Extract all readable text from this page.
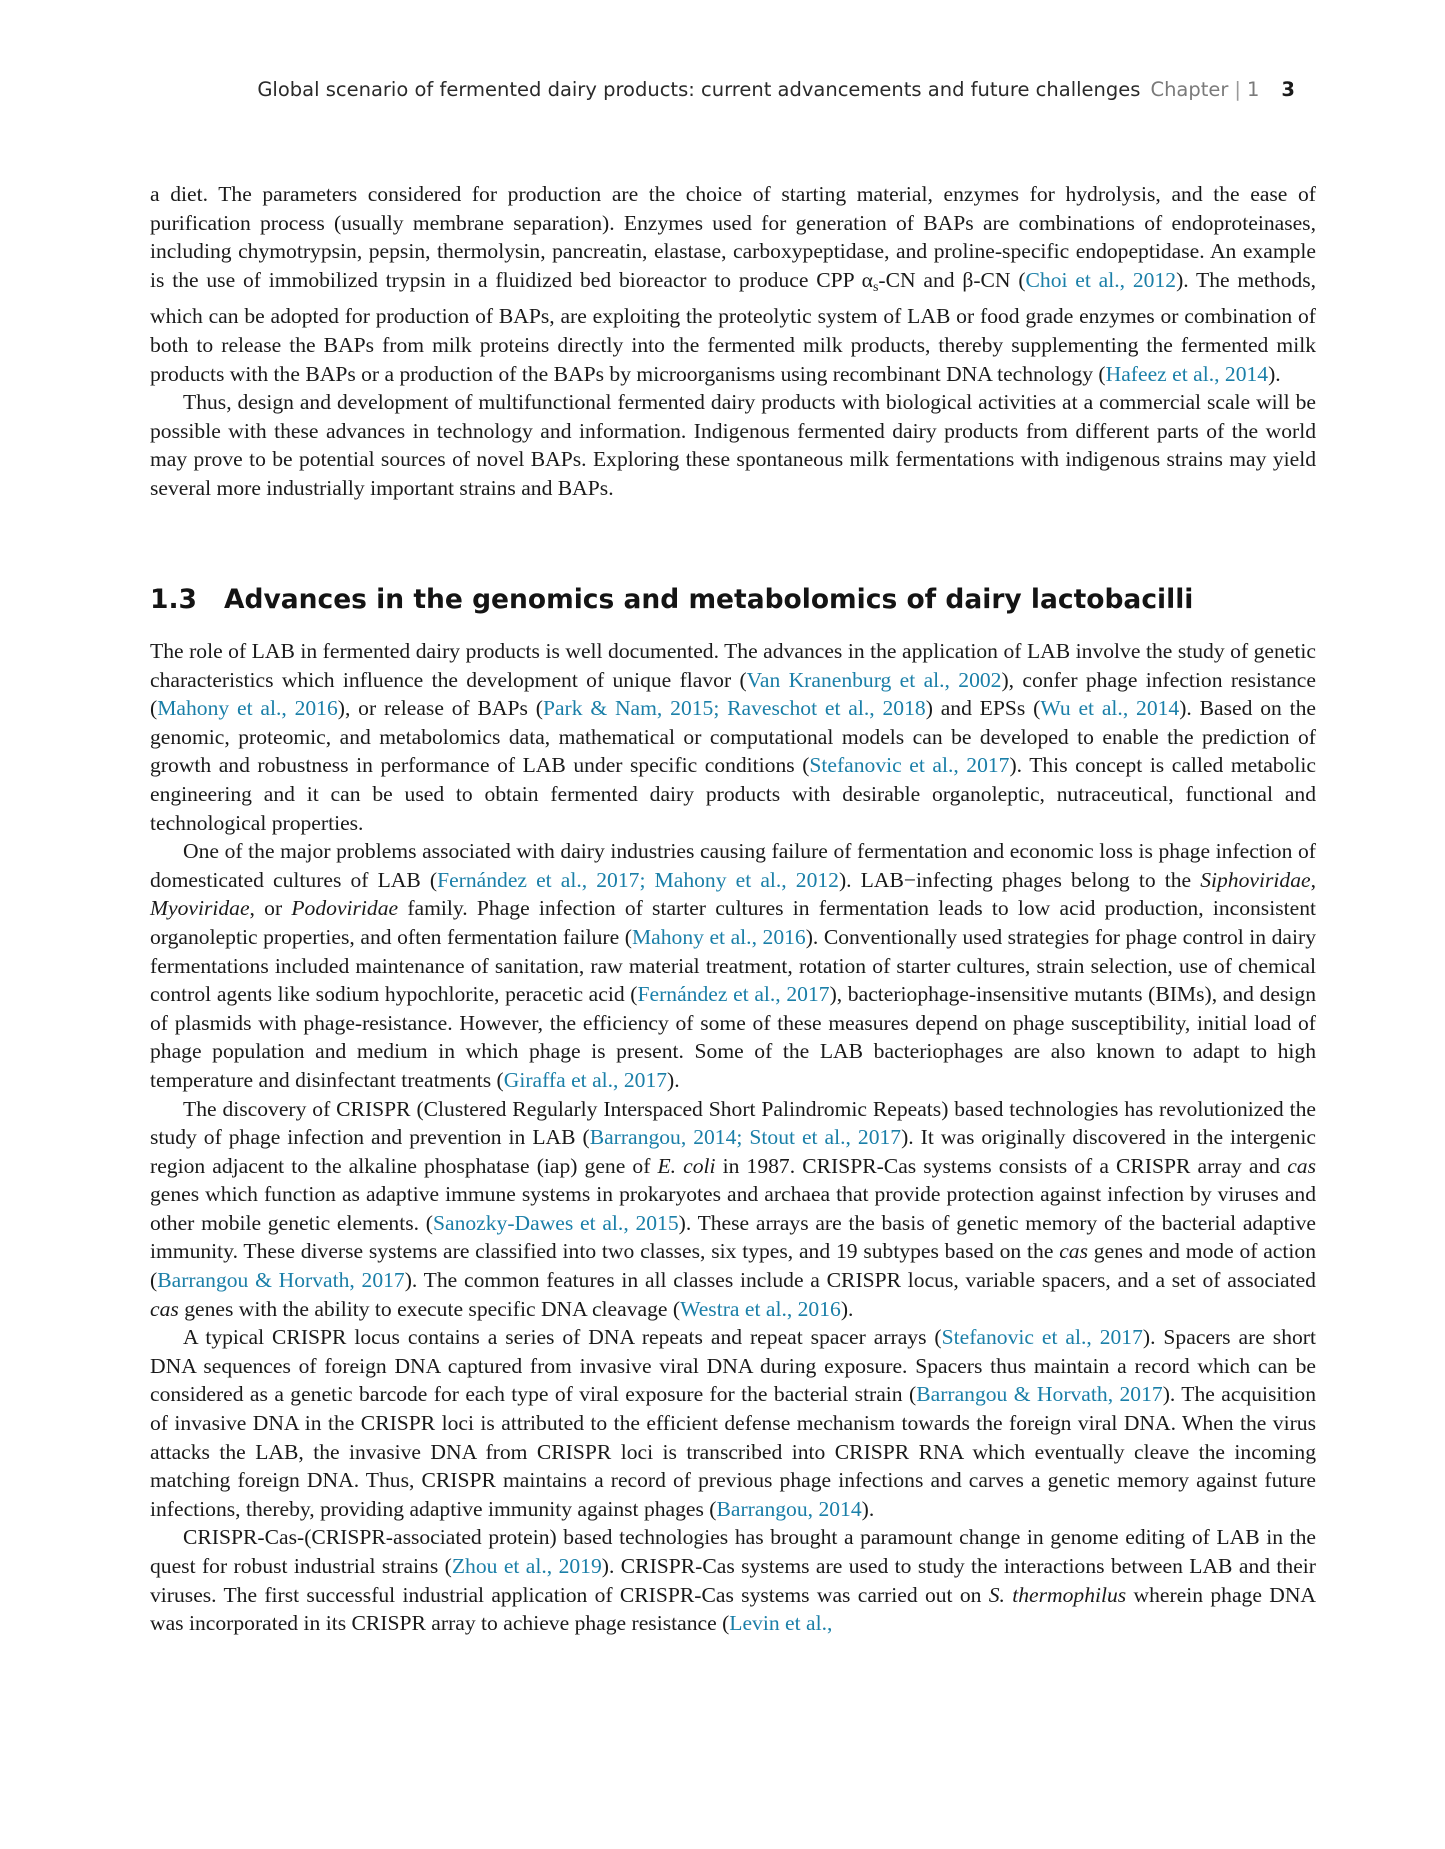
Global scenario of fermented dairy products: current advancements and future challenges Chapter | 1 3

a diet. The parameters considered for production are the choice of starting material, enzymes for hydrolysis, and the ease of purification process (usually membrane separation). Enzymes used for generation of BAPs are combinations of endoproteinases, including chymotrypsin, pepsin, thermolysin, pancreatin, elastase, carboxypeptidase, and proline-specific endopeptidase. An example is the use of immobilized trypsin in a fluidized bed bioreactor to produce CPP $\alpha_s-CN$ and β-CN (Choi et al., 2012). The methods, which can be adopted for production of BAPs, are exploiting the proteolytic system of LAB or food grade enzymes or combination of both to release the BAPs from milk proteins directly into the fermented milk products, thereby supplementing the fermented milk products with the BAPs or a production of the BAPs by microorganisms using recombinant DNA technology (Hafeez et al., 2014).

Thus, design and development of multifunctional fermented dairy products with biological activities at a commercial scale will be possible with these advances in technology and information. Indigenous fermented dairy products from different parts of the world may prove to be potential sources of novel BAPs. Exploring these spontaneous milk fermentations with indigenous strains may yield several more industrially important strains and BAPs.

1.3 Advances in the genomics and metabolomics of dairy lactobacilli

The role of LAB in fermented dairy products is well documented. The advances in the application of LAB involve the study of genetic characteristics which influence the development of unique flavor (Van Kranenburg et al., 2002), confer phage infection resistance (Mahony et al., 2016), or release of BAPs (Park & Nam, 2015; Raveschot et al., 2018) and EPSs (Wu et al., 2014). Based on the genomic, proteomic, and metabolomics data, mathematical or computational models can be developed to enable the prediction of growth and robustness in performance of LAB under specific conditions (Stefanovic et al., 2017). This concept is called metabolic engineering and it can be used to obtain fermented dairy products with desirable organoleptic, nutraceutical, functional and technological properties.

One of the major problems associated with dairy industries causing failure of fermentation and economic loss is phage infection of domesticated cultures of LAB (Fernández et al., 2017; Mahony et al., 2012). LAB−infecting phages belong to the Siphoviridae, Myoviridae, or Podoviridae family. Phage infection of starter cultures in fermentation leads to low acid production, inconsistent organoleptic properties, and often fermentation failure (Mahony et al., 2016). Conventionally used strategies for phage control in dairy fermentations included maintenance of sanitation, raw material treatment, rotation of starter cultures, strain selection, use of chemical control agents like sodium hypochlorite, peracetic acid (Fernández et al., 2017), bacteriophage-insensitive mutants (BIMs), and design of plasmids with phage-resistance. However, the efficiency of some of these measures depend on phage susceptibility, initial load of phage population and medium in which phage is present. Some of the LAB bacteriophages are also known to adapt to high temperature and disinfectant treatments (Giraffa et al., 2017).

The discovery of CRISPR (Clustered Regularly Interspaced Short Palindromic Repeats) based technologies has revolutionized the study of phage infection and prevention in LAB (Barrangou, 2014; Stout et al., 2017). It was originally discovered in the intergenic region adjacent to the alkaline phosphatase (iap) gene of E. coli in 1987. CRISPR-Cas systems consists of a CRISPR array and cas genes which function as adaptive immune systems in prokaryotes and archaea that provide protection against infection by viruses and other mobile genetic elements. (Sanozky-Dawes et al., 2015). These arrays are the basis of genetic memory of the bacterial adaptive immunity. These diverse systems are classified into two classes, six types, and 19 subtypes based on the cas genes and mode of action (Barrangou & Horvath, 2017). The common features in all classes include a CRISPR locus, variable spacers, and a set of associated cas genes with the ability to execute specific DNA cleavage (Westra et al., 2016).

A typical CRISPR locus contains a series of DNA repeats and repeat spacer arrays (Stefanovic et al., 2017). Spacers are short DNA sequences of foreign DNA captured from invasive viral DNA during exposure. Spacers thus maintain a record which can be considered as a genetic barcode for each type of viral exposure for the bacterial strain (Barrangou & Horvath, 2017). The acquisition of invasive DNA in the CRISPR loci is attributed to the efficient defense mechanism towards the foreign viral DNA. When the virus attacks the LAB, the invasive DNA from CRISPR loci is transcribed into CRISPR RNA which eventually cleave the incoming matching foreign DNA. Thus, CRISPR maintains a record of previous phage infections and carves a genetic memory against future infections, thereby, providing adaptive immunity against phages (Barrangou, 2014).

CRISPR-Cas-(CRISPR-associated protein) based technologies has brought a paramount change in genome editing of LAB in the quest for robust industrial strains (Zhou et al., 2019). CRISPR-Cas systems are used to study the interactions between LAB and their viruses. The first successful industrial application of CRISPR-Cas systems was carried out on S. thermophilus wherein phage DNA was incorporated in its CRISPR array to achieve phage resistance (Levin et al.,
